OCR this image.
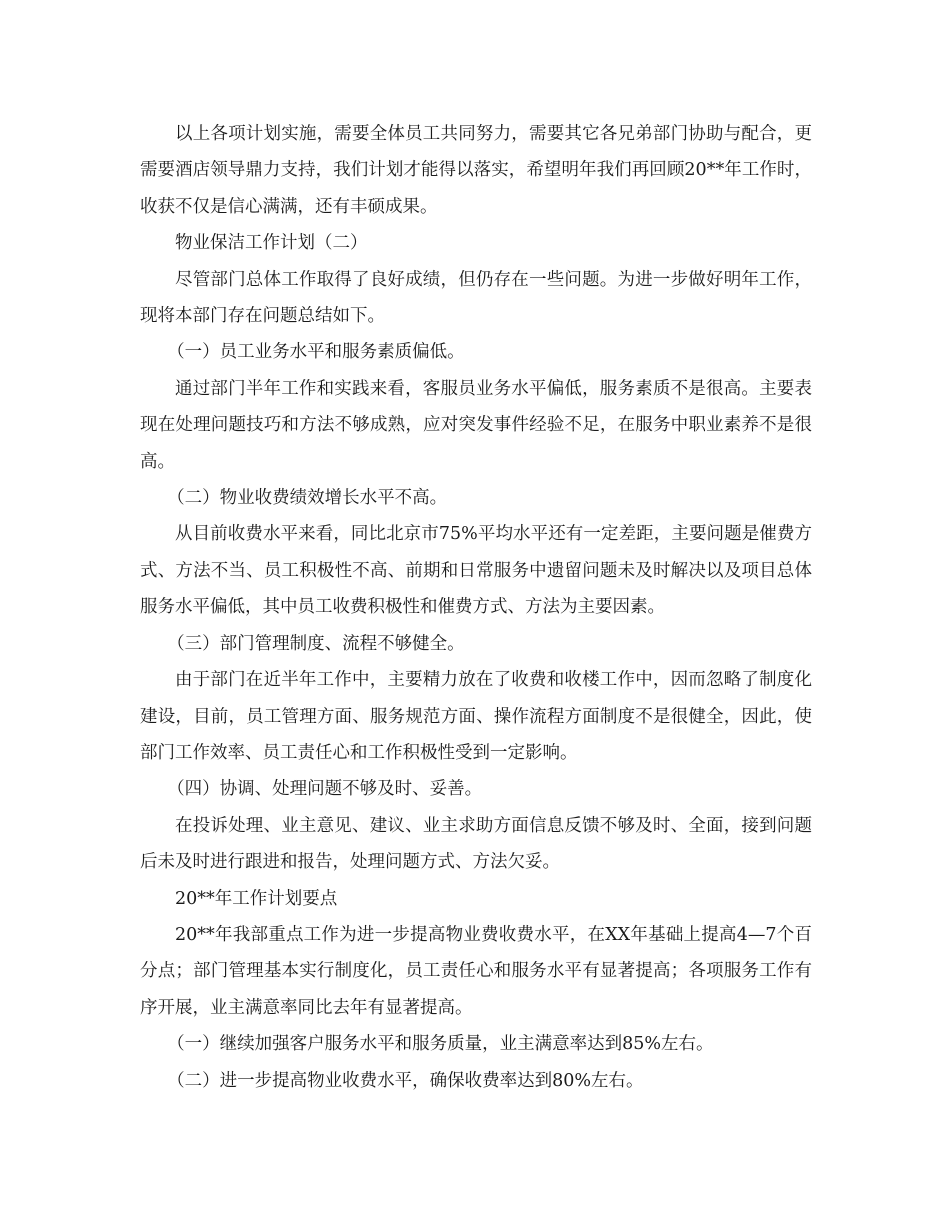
以上各项计划实施，需要全体员工共同努力，需要其它各兄弟部门协助与配合，更需要酒店领导鼎力支持，我们计划才能得以落实，希望明年我们再回顾20**年工作时，收获不仅是信心满满，还有丰硕成果。

物业保洁工作计划（二）

尽管部门总体工作取得了良好成绩，但仍存在一些问题。为进一步做好明年工作，现将本部门存在问题总结如下。

（一）员工业务水平和服务素质偏低。

通过部门半年工作和实践来看，客服员业务水平偏低，服务素质不是很高。主要表现在处理问题技巧和方法不够成熟，应对突发事件经验不足，在服务中职业素养不是很高。

（二）物业收费绩效增长水平不高。

从目前收费水平来看，同比北京市75%平均水平还有一定差距，主要问题是催费方式、方法不当、员工积极性不高、前期和日常服务中遗留问题未及时解决以及项目总体服务水平偏低，其中员工收费积极性和催费方式、方法为主要因素。

（三）部门管理制度、流程不够健全。

由于部门在近半年工作中，主要精力放在了收费和收楼工作中，因而忽略了制度化建设，目前，员工管理方面、服务规范方面、操作流程方面制度不是很健全，因此，使部门工作效率、员工责任心和工作积极性受到一定影响。

（四）协调、处理问题不够及时、妥善。

在投诉处理、业主意见、建议、业主求助方面信息反馈不够及时、全面，接到问题后未及时进行跟进和报告，处理问题方式、方法欠妥。

20**年工作计划要点

20**年我部重点工作为进一步提高物业费收费水平，在XX年基础上提高4—7个百分点；部门管理基本实行制度化，员工责任心和服务水平有显著提高；各项服务工作有序开展，业主满意率同比去年有显著提高。

（一）继续加强客户服务水平和服务质量，业主满意率达到85%左右。

（二）进一步提高物业收费水平，确保收费率达到80%左右。
